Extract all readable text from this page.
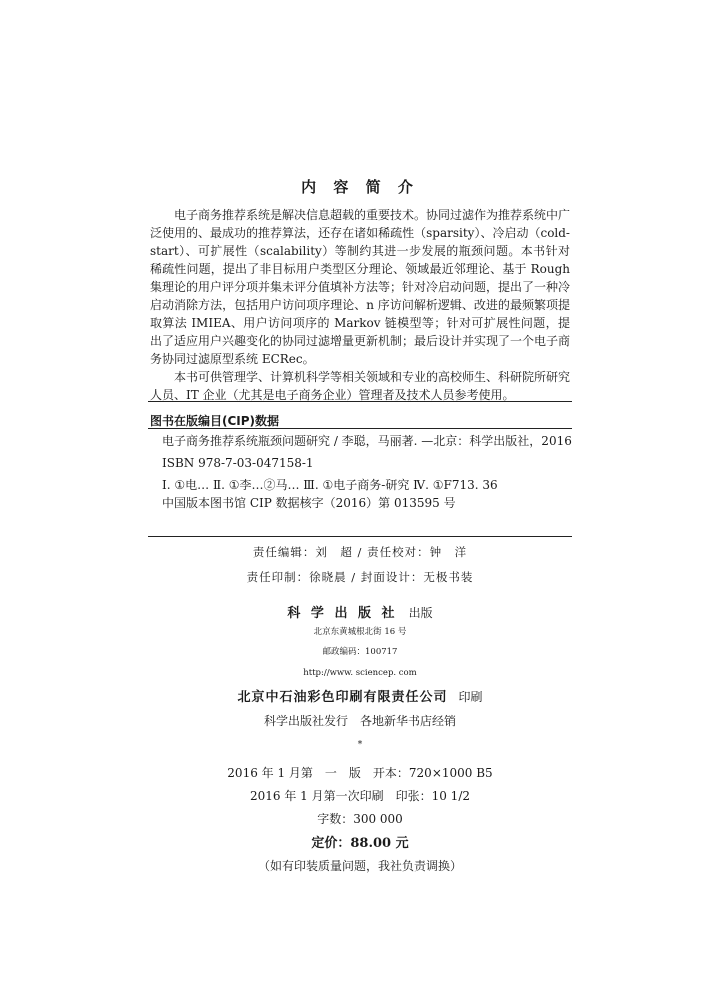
内 容 简 介

电子商务推荐系统是解决信息超载的重要技术。协同过滤作为推荐系统中广泛使用的、最成功的推荐算法，还存在诸如稀疏性（sparsity）、冷启动（cold-start）、可扩展性（scalability）等制约其进一步发展的瓶颈问题。本书针对稀疏性问题，提出了非目标用户类型区分理论、领域最近邻理论、基于 Rough 集理论的用户评分项并集未评分值填补方法等；针对冷启动问题，提出了一种冷启动消除方法，包括用户访问项序理论、n 序访问解析逻辑、改进的最频繁项提取算法 IMIEA、用户访问项序的 Markov 链模型等；针对可扩展性问题，提出了适应用户兴趣变化的协同过滤增量更新机制；最后设计并实现了一个电子商务协同过滤原型系统 ECRec。

本书可供管理学、计算机科学等相关领域和专业的高校师生、科研院所研究人员、IT 企业（尤其是电子商务企业）管理者及技术人员参考使用。

图书在版编目(CIP)数据
电子商务推荐系统瓶颈问题研究 / 李聪，马丽著. —北京：科学出版社，2016
ISBN 978-7-03-047158-1
Ⅰ. ①电… Ⅱ. ①李…②马… Ⅲ. ①电子商务-研究 Ⅳ. ①F713. 36
中国版本图书馆 CIP 数据核字（2016）第 013595 号
责任编辑：刘　超 / 责任校对：钟　洋
责任印制：徐晓晨 / 封面设计：无极书装
科 学 出 版 社 出版
北京东黄城根北街 16 号
邮政编码：100717
http://www. sciencep. com
北京中石油彩色印刷有限责任公司 印刷
科学出版社发行　各地新华书店经销
*
2016 年 1 月第　一　版　开本：720×1000 B5
2016 年 1 月第一次印刷　印张：10 1/2
字数：300 000
定价：88.00 元
（如有印装质量问题，我社负责调换）
